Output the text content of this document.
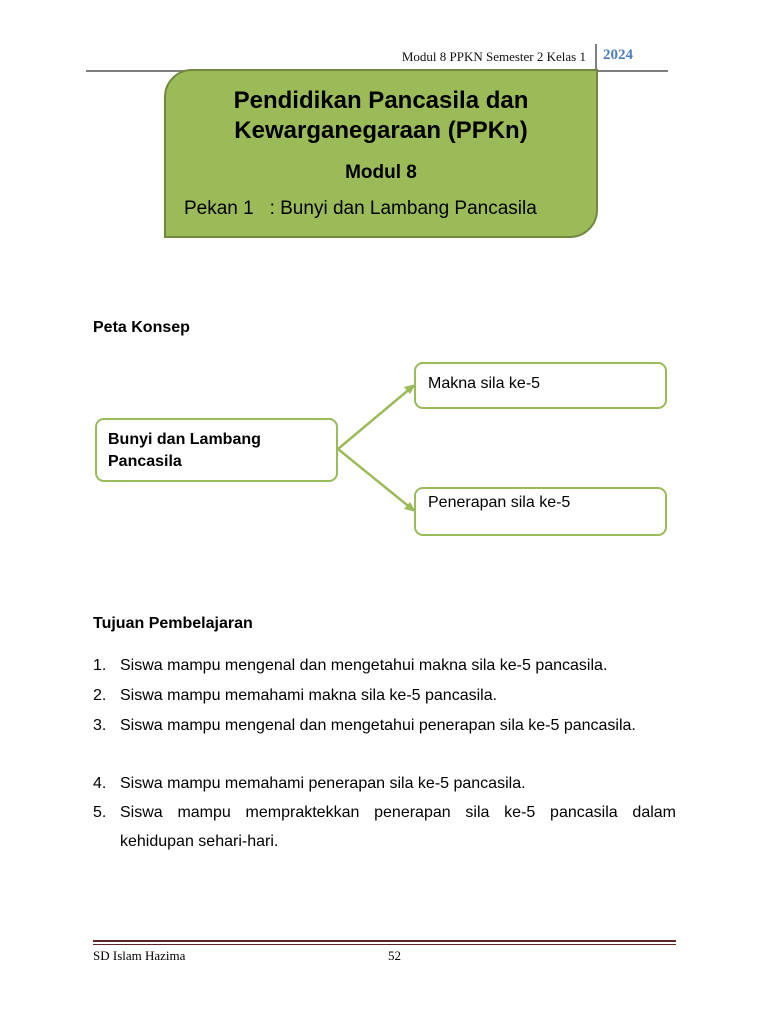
Modul 8 PPKN Semester 2 Kelas 1 2024
Pendidikan Pancasila dan
Kewarganegaraan (PPKn)
Modul 8
Pekan 1 : Bunyi dan Lambang Pancasila
Peta Konsep
Bunyi dan Lambang
Pancasila
Makna sila ke-5
Penerapan sila ke-5
Tujuan Pembelajaran
1. Siswa mampu mengenal dan mengetahui makna sila ke-5 pancasila.
2. Siswa mampu memahami makna sila ke-5 pancasila.
3. Siswa mampu mengenal dan mengetahui penerapan sila ke-5 pancasila.
4. Siswa mampu memahami penerapan sila ke-5 pancasila.
5. Siswa mampu mempraktekkan penerapan sila ke-5 pancasila dalam kehidupan sehari-hari.
SD Islam Hazima	52
